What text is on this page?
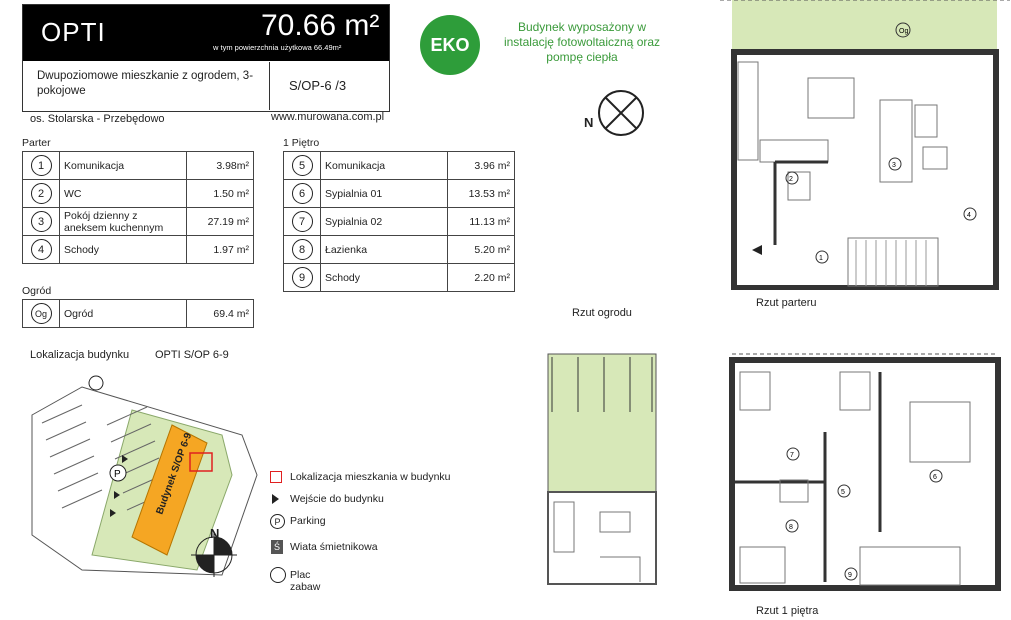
OPTI	70.66 m²
w tym powierzchnia użytkowa 66.49m²
Dwupoziomowe mieszkanie z ogrodem, 3-pokojowe	S/OP-6 /3
EKO
Budynek wyposażony w instalację fotowoltaiczną oraz pompę ciepła
N
os. Stolarska - Przebędowo	www.murowana.com.pl
Parter
1	Komunikacja	3.98m²
2	WC	1.50 m²
3	Pokój dzienny z aneksem kuchennym	27.19 m²
4	Schody	1.97 m²
1 Piętro
5	Komunikacja	3.96 m²
6	Sypialnia 01	13.53 m²
7	Sypialnia 02	11.13 m²
8	Łazienka	5.20 m²
9	Schody	2.20 m²
Ogród
Og	Ogród	69.4 m²
Lokalizacja budynku OPTI S/OP 6-9
Budynek S/OP 6-9
P
N
Lokalizacja mieszkania w budynku
Wejście do budynku
P Parking
Ś Wiata śmietnikowa
Plac zabaw
Rzut ogrodu
Og
1
2
3
4
Rzut parteru
5
6
7
8
9
Rzut 1 piętra
